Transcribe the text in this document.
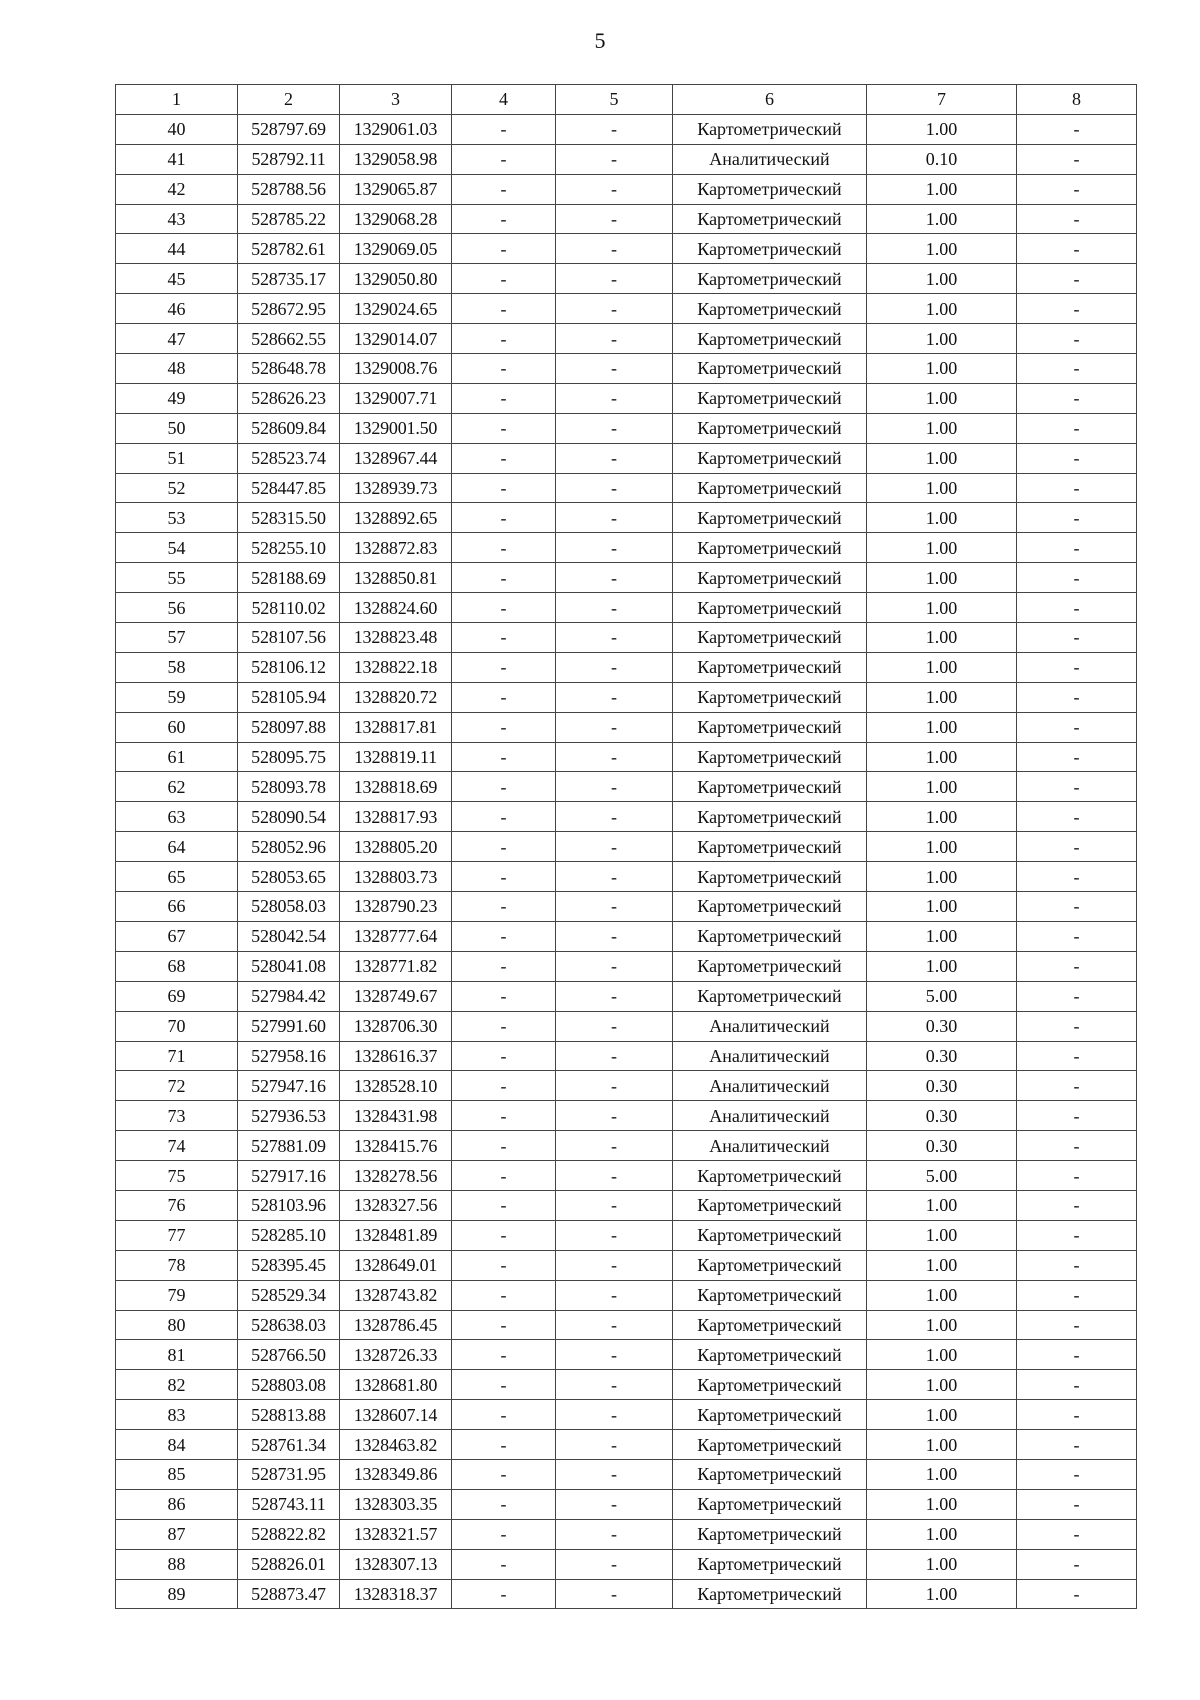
5
1	2	3	4	5	6	7	8
40	528797.69	1329061.03	-	-	Картометрический	1.00	-
41	528792.11	1329058.98	-	-	Аналитический	0.10	-
42	528788.56	1329065.87	-	-	Картометрический	1.00	-
43	528785.22	1329068.28	-	-	Картометрический	1.00	-
44	528782.61	1329069.05	-	-	Картометрический	1.00	-
45	528735.17	1329050.80	-	-	Картометрический	1.00	-
46	528672.95	1329024.65	-	-	Картометрический	1.00	-
47	528662.55	1329014.07	-	-	Картометрический	1.00	-
48	528648.78	1329008.76	-	-	Картометрический	1.00	-
49	528626.23	1329007.71	-	-	Картометрический	1.00	-
50	528609.84	1329001.50	-	-	Картометрический	1.00	-
51	528523.74	1328967.44	-	-	Картометрический	1.00	-
52	528447.85	1328939.73	-	-	Картометрический	1.00	-
53	528315.50	1328892.65	-	-	Картометрический	1.00	-
54	528255.10	1328872.83	-	-	Картометрический	1.00	-
55	528188.69	1328850.81	-	-	Картометрический	1.00	-
56	528110.02	1328824.60	-	-	Картометрический	1.00	-
57	528107.56	1328823.48	-	-	Картометрический	1.00	-
58	528106.12	1328822.18	-	-	Картометрический	1.00	-
59	528105.94	1328820.72	-	-	Картометрический	1.00	-
60	528097.88	1328817.81	-	-	Картометрический	1.00	-
61	528095.75	1328819.11	-	-	Картометрический	1.00	-
62	528093.78	1328818.69	-	-	Картометрический	1.00	-
63	528090.54	1328817.93	-	-	Картометрический	1.00	-
64	528052.96	1328805.20	-	-	Картометрический	1.00	-
65	528053.65	1328803.73	-	-	Картометрический	1.00	-
66	528058.03	1328790.23	-	-	Картометрический	1.00	-
67	528042.54	1328777.64	-	-	Картометрический	1.00	-
68	528041.08	1328771.82	-	-	Картометрический	1.00	-
69	527984.42	1328749.67	-	-	Картометрический	5.00	-
70	527991.60	1328706.30	-	-	Аналитический	0.30	-
71	527958.16	1328616.37	-	-	Аналитический	0.30	-
72	527947.16	1328528.10	-	-	Аналитический	0.30	-
73	527936.53	1328431.98	-	-	Аналитический	0.30	-
74	527881.09	1328415.76	-	-	Аналитический	0.30	-
75	527917.16	1328278.56	-	-	Картометрический	5.00	-
76	528103.96	1328327.56	-	-	Картометрический	1.00	-
77	528285.10	1328481.89	-	-	Картометрический	1.00	-
78	528395.45	1328649.01	-	-	Картометрический	1.00	-
79	528529.34	1328743.82	-	-	Картометрический	1.00	-
80	528638.03	1328786.45	-	-	Картометрический	1.00	-
81	528766.50	1328726.33	-	-	Картометрический	1.00	-
82	528803.08	1328681.80	-	-	Картометрический	1.00	-
83	528813.88	1328607.14	-	-	Картометрический	1.00	-
84	528761.34	1328463.82	-	-	Картометрический	1.00	-
85	528731.95	1328349.86	-	-	Картометрический	1.00	-
86	528743.11	1328303.35	-	-	Картометрический	1.00	-
87	528822.82	1328321.57	-	-	Картометрический	1.00	-
88	528826.01	1328307.13	-	-	Картометрический	1.00	-
89	528873.47	1328318.37	-	-	Картометрический	1.00	-
